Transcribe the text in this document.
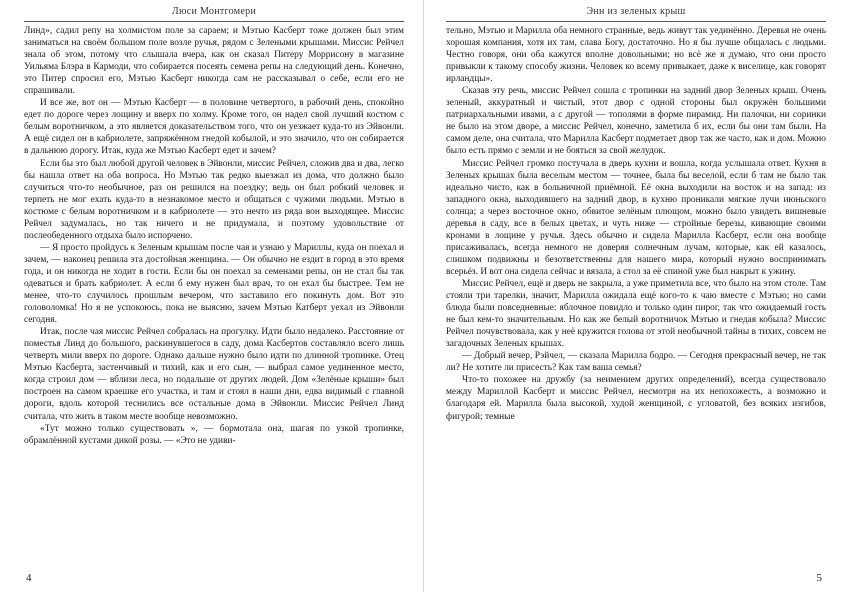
Люси Монтгомери

Линд», садил репу на холмистом поле за сараем; и Мэтью Касберт тоже должен был этим заниматься на своём большом поле возле ручья, рядом с Зелеными крышами. Миссис Рейчел знала об этом, потому что слышала вчера, как он сказал Питеру Моррисону в магазине Уильяма Блэра в Кармоди, что собирается посеять семена репы на следующий день. Конечно, это Питер спросил его, Мэтью Касберт никогда сам не рассказывал о себе, если его не спрашивали.

И все же, вот он — Мэтью Касберт — в половине четвертого, в рабочий день, спокойно едет по дороге через лощину и вверх по холму. Кроме того, он надел свой лучший костюм с белым воротничком, а это является доказательством того, что он уезжает куда-то из Эйвонли. А ещё сидел он в кабриолете, запряжённом гнедой кобылой, и это значило, что он собирается в дальнюю дорогу. Итак, куда же Мэтью Касберт едет и зачем?

Если бы это был любой другой человек в Эйвонли, миссис Рейчел, сложив два и два, легко бы нашла ответ на оба вопроса. Но Мэтью так редко выезжал из дома, что должно было случиться что-то необычное, раз он решился на поездку; ведь он был робкий человек и терпеть не мог ехать куда-то в незнакомое место и общаться с чужими людьми. Мэтью в костюме с белым воротничком и в кабриолете — это нечто из ряда вон выходящее. Миссис Рейчел задумалась, но так ничего и не придумала, и поэтому удовольствие от послеобеденного отдыха было испорчено.

— Я просто пройдусь к Зеленым крышам после чая и узнаю у Мариллы, куда он поехал и зачем, — наконец решила эта достойная женщина. — Он обычно не ездит в город в это время года, и он никогда не ходит в гости. Если бы он поехал за семенами репы, он не стал бы так одеваться и брать кабриолет. А если б ему нужен был врач, то он ехал бы быстрее. Тем не менее, что-то случилось прошлым вечером, что заставило его покинуть дом. Вот это головоломка! Но я не успокоюсь, пока не выясню, зачем Мэтью Катберт уехал из Эйвонли сегодня.

Итак, после чая миссис Рейчел собралась на прогулку. Идти было недалеко. Расстояние от поместья Линд до большого, раскинувшегося в саду, дома Касбертов составляло всего лишь четверть мили вверх по дороге. Однако дальше нужно было идти по длинной тропинке. Отец Мэтью Касберта, застенчивый и тихий, как и его сын, — выбрал самое уединенное место, когда строил дом — вблизи леса, но подальше от других людей. Дом «Зелёные крыши» был построен на самом краешке его участка, и там и стоял в наши дни, едва видимый с главной дороги, вдоль которой теснились все остальные дома в Эйвонли. Миссис Рейчел Линд считала, что жить в таком месте вообще невозможно.

«Тут можно только существовать », — бормотала она, шагая по узкой тропинке, обрамлённой кустами дикой розы. — «Это не удиви-

4
Энн из зеленых крыш

тельно, Мэтью и Марилла оба немного странные, ведь живут так уединённо. Деревья не очень хорошая компания, хотя их там, слава Богу, достаточно. Но я бы лучше общалась с людьми. Честно говоря, они оба кажутся вполне довольными; но всё же я думаю, что они просто привыкли к такому способу жизни. Человек ко всему привыкает, даже к виселице, как говорят ирландцы».

Сказав эту речь, миссис Рейчел сошла с тропинки на задний двор Зеленых крыш. Очень зеленый, аккуратный и чистый, этот двор с одной стороны был окружён большими патриархальными ивами, а с другой — тополями в форме пирамид. Ни палочки, ни соринки не было на этом дворе, а миссис Рейчел, конечно, заметила б их, если бы они там были. На самом деле, она считала, что Марилла Касберт подметает двор так же часто, как и дом. Можно было есть прямо с земли и не бояться за свой желудок.

Миссис Рейчел громко постучала в дверь кухни и вошла, когда услышала ответ. Кухня в Зеленых крышах была веселым местом — точнее, была бы веселой, если б там не было так идеально чисто, как в больничной приёмной. Её окна выходили на восток и на запад: из западного окна, выходившего на задний двор, в кухню проникали мягкие лучи июньского солнца; а через восточное окно, обвитое зелёным плющом, можно было увидеть вишневые деревья в саду, все в белых цветах, и чуть ниже — стройные березы, кивающие своими кронами в лощине у ручья. Здесь обычно и сидела Марилла Касберт, если она вообще присаживалась, всегда немного не доверяя солнечным лучам, которые, как ей казалось, слишком подвижны и безответственны для нашего мира, который нужно воспринимать всерьёз. И вот она сидела сейчас и вязала, а стол за её спиной уже был накрыт к ужину.

Миссис Рейчел, ещё и дверь не закрыла, а уже приметила все, что было на этом столе. Там стояли три тарелки, значит, Марилла ожидала ещё кого-то к чаю вместе с Мэтью; но сами блюда были повседневные: яблочное повидло и только один пирог, так что ожидаемый гость не был кем-то значительным. Но как же белый воротничок Мэтью и гнедая кобыла? Миссис Рейчел почувствовала, как у неё кружится голова от этой необычной тайны в тихих, совсем не загадочных Зеленых крышах.

— Добрый вечер, Рэйчел, — сказала Марилла бодро. — Сегодня прекрасный вечер, не так ли? Не хотите ли присесть? Как там ваша семья?

Что-то похожее на дружбу (за неимением других определений), всегда существовало между Мариллой Касберт и миссис Рейчел, несмотря на их непохожесть, а возможно и благодаря ей. Марилла была высокой, худой женщиной, с угловатой, без всяких изгибов, фигурой; темные

5
